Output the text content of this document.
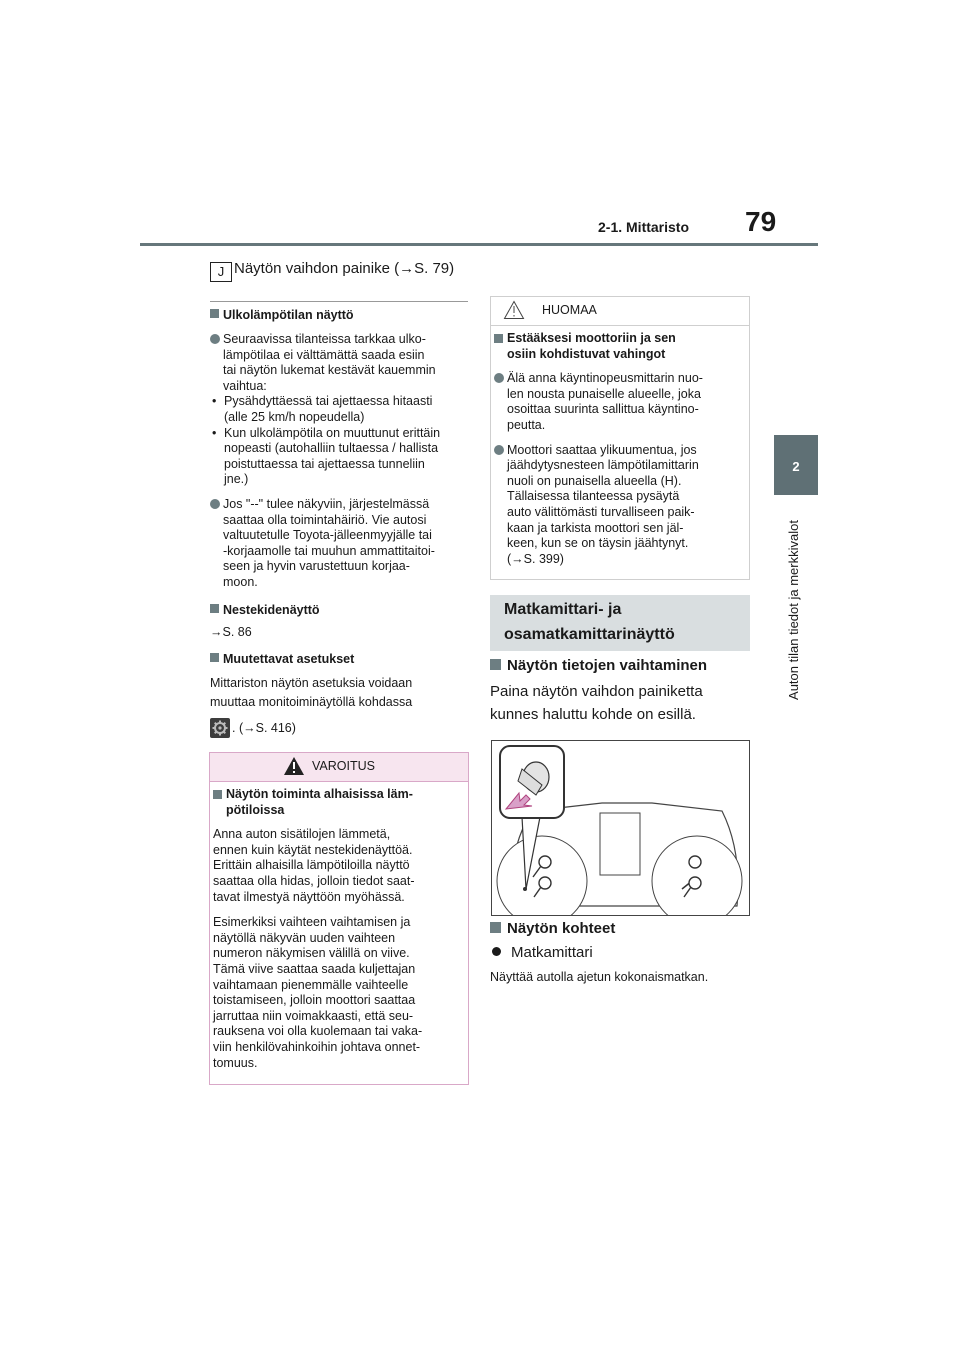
2-1. Mittaristo 79
2
Auton tilan tiedot ja merkkivalot
J Näytön vaihdon painike (→S. 79)
Ulkolämpötilan näyttö
Seuraavissa tilanteissa tarkkaa ulko-
lämpötilaa ei välttämättä saada esiin
tai näytön lukemat kestävät kauemmin
vaihtua:
• Pysähdyttäessä tai ajettaessa hitaasti
(alle 25 km/h nopeudella)
• Kun ulkolämpötila on muuttunut erittäin
nopeasti (autohalliin tultaessa / hallista
poistuttaessa tai ajettaessa tunneliin
jne.)
Jos "--" tulee näkyviin, järjestelmässä
saattaa olla toimintahäiriö. Vie autosi
valtuutetulle Toyota-jälleenmyyjälle tai
-korjaamolle tai muuhun ammattitaitoi-
seen ja hyvin varustettuun korjaa-
moon.
Nestekidenäyttö
→S. 86
Muutettavat asetukset
Mittariston näytön asetuksia voidaan
muuttaa monitoiminäytöllä kohdassa
. (→S. 416)
VAROITUS
Näytön toiminta alhaisissa läm-
pötiloissa
Anna auton sisätilojen lämmetä,
ennen kuin käytät nestekidenäyttöä.
Erittäin alhaisilla lämpötiloilla näyttö
saattaa olla hidas, jolloin tiedot saat-
tavat ilmestyä näyttöön myöhässä.
Esimerkiksi vaihteen vaihtamisen ja
näytöllä näkyvän uuden vaihteen
numeron näkymisen välillä on viive.
Tämä viive saattaa saada kuljettajan
vaihtamaan pienemmälle vaihteelle
toistamiseen, jolloin moottori saattaa
jarruttaa niin voimakkaasti, että seu-
rauksena voi olla kuolemaan tai vaka-
viin henkilövahinkoihin johtava onnet-
tomuus.
HUOMAA
Estääksesi moottoriin ja sen
osiin kohdistuvat vahingot
Älä anna käyntinopeusmittarin nuo-
len nousta punaiselle alueelle, joka
osoittaa suurinta sallittua käyntino-
peutta.
Moottori saattaa ylikuumentua, jos
jäähdytysnesteen lämpötilamittarin
nuoli on punaisella alueella (H).
Tällaisessa tilanteessa pysäytä
auto välittömästi turvalliseen paik-
kaan ja tarkista moottori sen jäl-
keen, kun se on täysin jäähtynyt.
(→S. 399)
Matkamittari- ja
osamatkamittarinäyttö
Näytön tietojen vaihtaminen
Paina näytön vaihdon painiketta
kunnes haluttu kohde on esillä.
Näytön kohteet
Matkamittari
Näyttää autolla ajetun kokonaismatkan.
